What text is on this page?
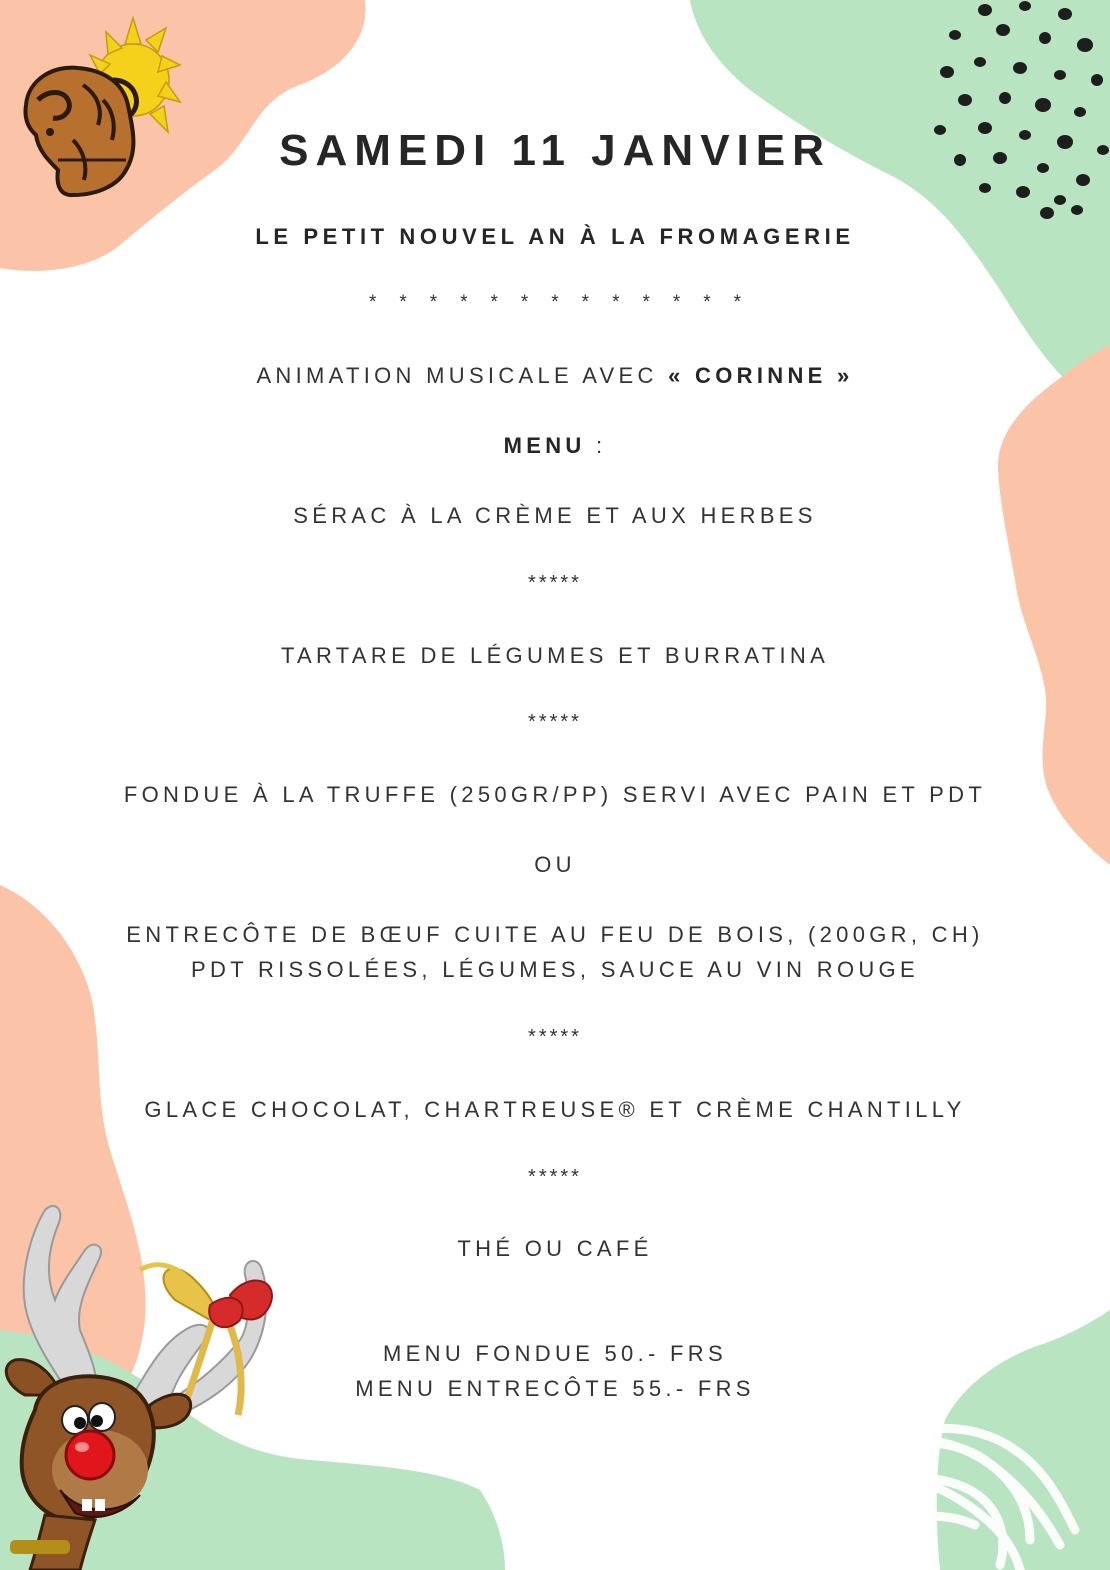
SAMEDI 11 JANVIER
LE PETIT NOUVEL AN À LA FROMAGERIE
* * * * * * * * * * * * *
ANIMATION MUSICALE AVEC « CORINNE »
MENU :
SÉRAC À LA CRÈME ET AUX HERBES
*****
TARTARE DE LÉGUMES ET BURRATINA
*****
FONDUE À LA TRUFFE (250GR/PP) SERVI AVEC PAIN ET PDT
OU
ENTRECÔTE DE BŒUF CUITE AU FEU DE BOIS, (200GR, CH)
PDT RISSOLÉES, LÉGUMES, SAUCE AU VIN ROUGE
*****
GLACE CHOCOLAT, CHARTREUSE® ET CRÈME CHANTILLY
*****
THÉ OU CAFÉ
MENU FONDUE 50.- FRS
MENU ENTRECÔTE 55.- FRS
